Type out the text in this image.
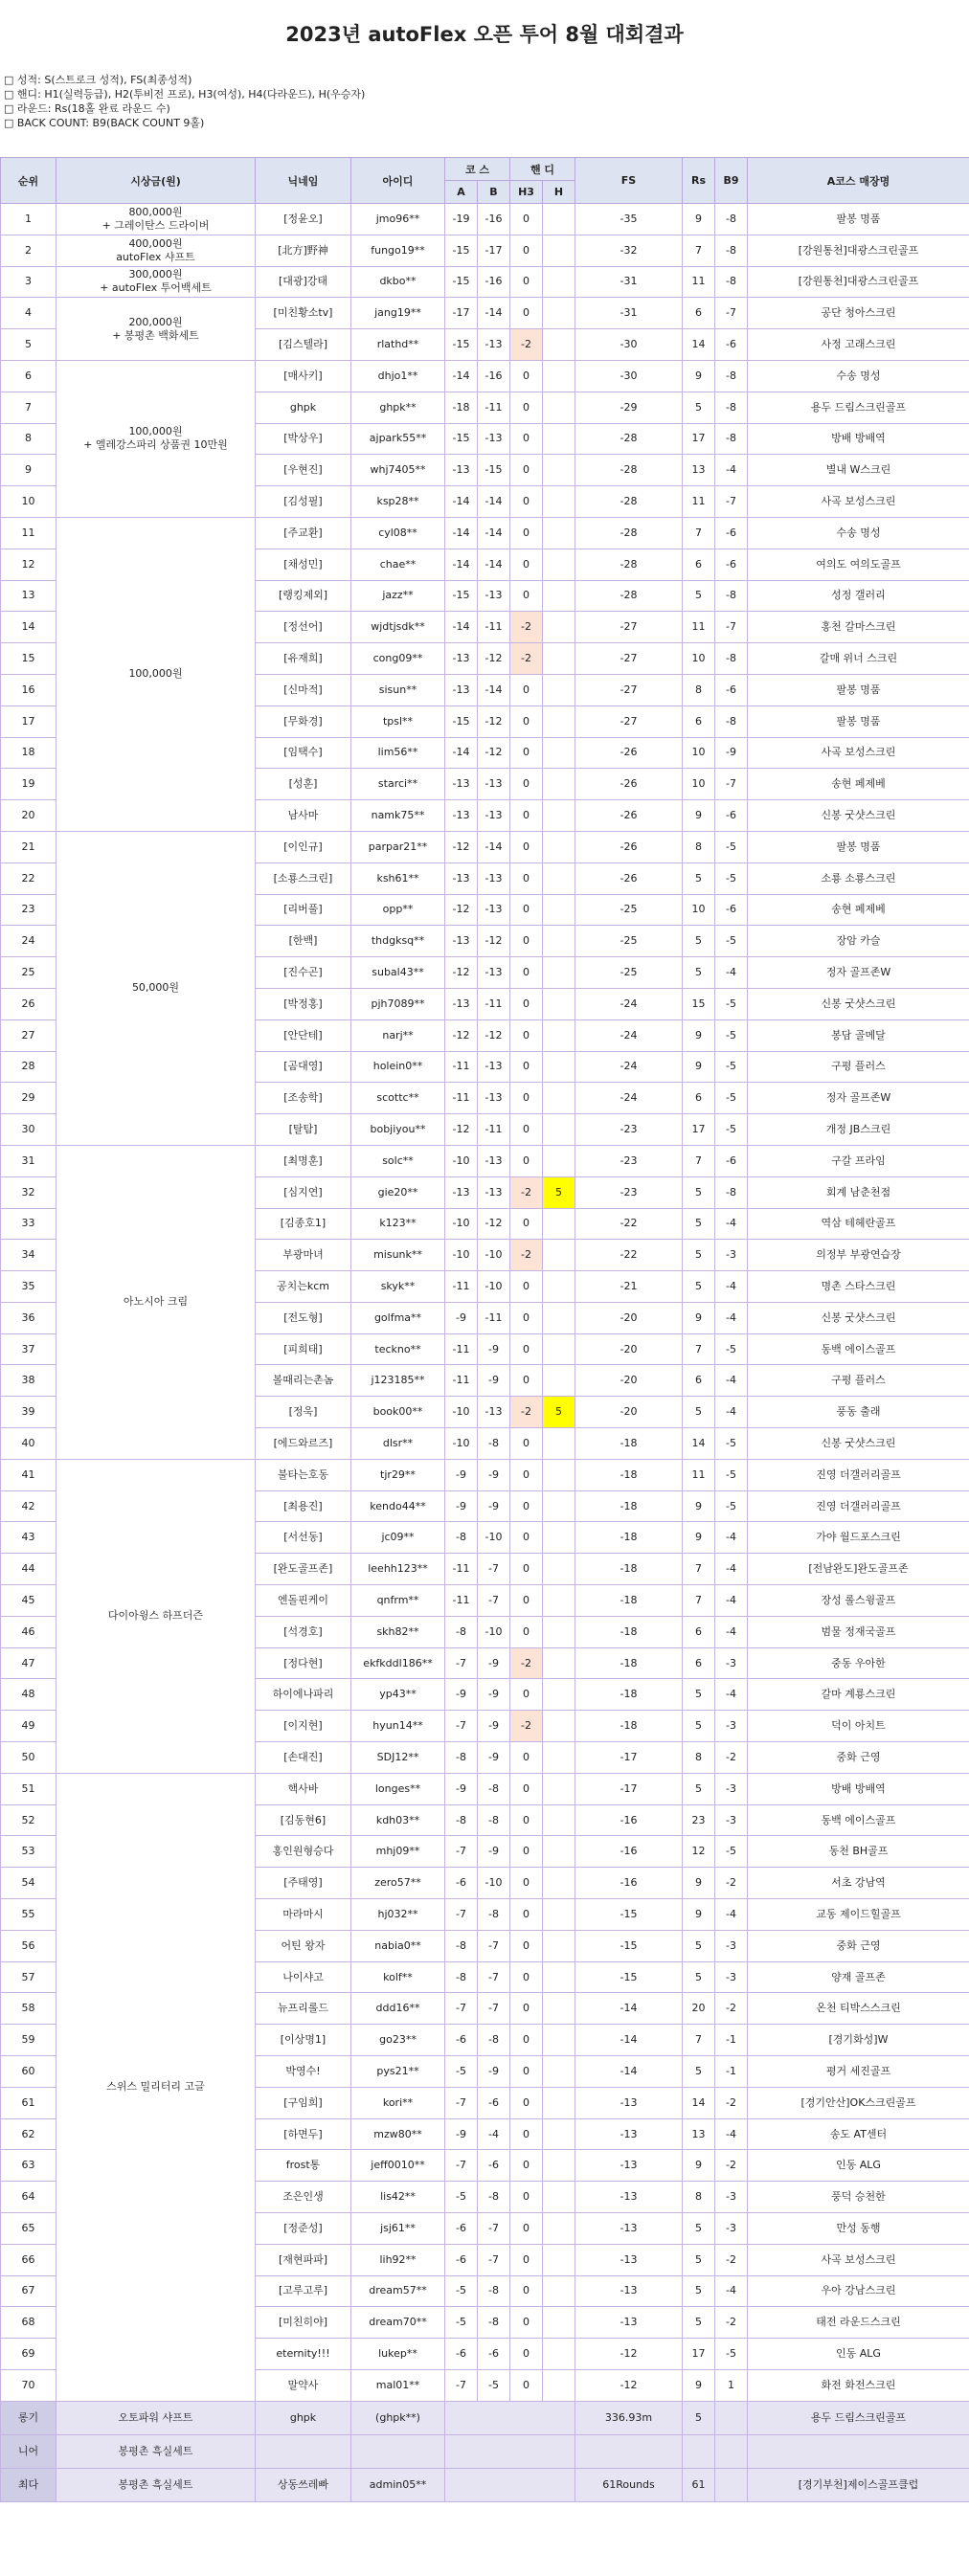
2023년 autoFlex 오픈 투어 8월 대회결과
□ 성적: S(스트로크 성적), FS(최종성적)
□ 핸디: H1(실력등급), H2(투비전 프로), H3(여성), H4(다라운드), H(우승자)
□ 라운드: Rs(18홀 완료 라운드 수)
□ BACK COUNT: B9(BACK COUNT 9홀)
순위	시상금(원)	닉네임	아이디	코 스		핸 디		FS	Rs	B9	A코스 매장명
				A	B	H3	H				
1	800,000원
+ 그레이탄스 드라이버	[정윤오]	jmo96**	-19	-16	0		-35	9	-8	팔봉 명품
2	400,000원
autoFlex 샤프트	[北方]野神	fungo19**	-15	-17	0		-32	7	-8	[강원통천]대광스크린골프
3	300,000원
+ autoFlex 투어백세트	[대광]강태	dkbo**	-15	-16	0		-31	11	-8	[강원통천]대광스크린골프
4	200,000원
+ 봉평촌 백화세트	[미친황소tv]	jang19**	-17	-14	0		-31	6	-7	공단 청아스크린
5		[김스텔라]	rlathd**	-15	-13	-2		-30	14	-6	사정 고래스크린
6	100,000원
+ 엘레강스파리 상품권 10만원	[매사키]	dhjo1**	-14	-16	0		-30	9	-8	수송 명성
7		ghpk	ghpk**	-18	-11	0		-29	5	-8	용두 드림스크린골프
8		[박상우]	ajpark55**	-15	-13	0		-28	17	-8	방배 방배역
9		[우현진]	whj7405**	-13	-15	0		-28	13	-4	별내 W스크린
10		[김성필]	ksp28**	-14	-14	0		-28	11	-7	사곡 보성스크린
11	100,000원	[주교환]	cyl08**	-14	-14	0		-28	7	-6	수송 명성
12		[채성민]	chae**	-14	-14	0		-28	6	-6	여의도 여의도골프
13		[랭킹제외]	jazz**	-15	-13	0		-28	5	-8	성정 갤러리
14		[정선어]	wjdtjsdk**	-14	-11	-2		-27	11	-7	홍천 갈마스크린
15		[유재희]	cong09**	-13	-12	-2		-27	10	-8	갈매 위너 스크린
16		[신마적]	sisun**	-13	-14	0		-27	8	-6	팔봉 명품
17		[무화경]	tpsl**	-15	-12	0		-27	6	-8	팔봉 명품
18		[임택수]	lim56**	-14	-12	0		-26	10	-9	사곡 보성스크린
19		[성훈]	starci**	-13	-13	0		-26	10	-7	송현 페제베
20		남사마	namk75**	-13	-13	0		-26	9	-6	신봉 굿샷스크린
21	50,000원	[이인규]	parpar21**	-12	-14	0		-26	8	-5	팔봉 명품
22		[소룡스크린]	ksh61**	-13	-13	0		-26	5	-5	소룡 소룡스크린
23		[리버풀]	opp**	-12	-13	0		-25	10	-6	송현 페제베
24		[한백]	thdgksq**	-13	-12	0		-25	5	-5	장암 카슬
25		[진수곤]	subal43**	-12	-13	0		-25	5	-4	정자 골프존W
26		[박정홍]	pjh7089**	-13	-11	0		-24	15	-5	신봉 굿샷스크린
27		[안단테]	narj**	-12	-12	0		-24	9	-5	봉담 골메달
28		[곰대영]	holein0**	-11	-13	0		-24	9	-5	구평 플러스
29		[조송학]	scottc**	-11	-13	0		-24	6	-5	정자 골프존W
30		[탈탐]	bobjiyou**	-12	-11	0		-23	17	-5	개정 JB스크린
31	아노시아 크림	[최명훈]	solc**	-10	-13	0		-23	7	-6	구갈 프라임
32		[심지연]	gie20**	-13	-13	-2	5	-23	5	-8	회계 남춘천점
33		[김종호1]	k123**	-10	-12	0		-22	5	-4	역삼 테헤란골프
34		부광마녀	misunk**	-10	-10	-2		-22	5	-3	의정부 부광연습장
35		공치는kcm	skyk**	-11	-10	0		-21	5	-4	명촌 스타스크린
36		[전도형]	golfma**	-9	-11	0		-20	9	-4	신봉 굿샷스크린
37		[피희태]	teckno**	-11	-9	0		-20	7	-5	동백 에이스골프
38		볼때리는촌놈	j123185**	-11	-9	0		-20	6	-4	구평 플러스
39		[정욱]	book00**	-10	-13	-2	5	-20	5	-4	풍동 출래
40		[에드와르즈]	dlsr**	-10	-8	0		-18	14	-5	신봉 굿샷스크린
41	다이아윙스 하프더즌	불타는호동	tjr29**	-9	-9	0		-18	11	-5	진영 더갤러리골프
42		[최용진]	kendo44**	-9	-9	0		-18	9	-5	진영 더갤러리골프
43		[서선동]	jc09**	-8	-10	0		-18	9	-4	가야 월드포스크린
44		[완도골프존]	leehh123**	-11	-7	0		-18	7	-4	[전남완도]완도골프존
45		엔돌핀케이	qnfrm**	-11	-7	0		-18	7	-4	장성 롤스윙골프
46		[석경호]	skh82**	-8	-10	0		-18	6	-4	범물 정재국골프
47		[정다현]	ekfkddl186**	-7	-9	-2		-18	6	-3	중동 우아한
48		하이에나파리	yp43**	-9	-9	0		-18	5	-4	갈마 계룡스크린
49		[이지현]	hyun14**	-7	-9	-2		-18	5	-3	덕이 아치트
50		[손대진]	SDJ12**	-8	-9	0		-17	8	-2	중화 근영
51	스위스 밀리터리 고글	핵사바	longes**	-9	-8	0		-17	5	-3	방배 방배역
52		[김동현6]	kdh03**	-8	-8	0		-16	23	-3	동백 에이스골프
53		홍인원형승다	mhj09**	-7	-9	0		-16	12	-5	동천 BH골프
54		[주태영]	zero57**	-6	-10	0		-16	9	-2	서초 강남역
55		마라마시	hj032**	-7	-8	0		-15	9	-4	교동 제이드힐골프
56		어틴 왕자	nabia0**	-8	-7	0		-15	5	-3	중화 근영
57		나이샤고	kolf**	-8	-7	0		-15	5	-3	양재 골프존
58		뉴프리롤드	ddd16**	-7	-7	0		-14	20	-2	온천 티박스스크린
59		[이상명1]	go23**	-6	-8	0		-14	7	-1	[경기화성]W
60		박영수!	pys21**	-5	-9	0		-14	5	-1	평거 세진골프
61		[구임희]	kori**	-7	-6	0		-13	14	-2	[경기안산]OK스크린골프
62		[하면두]	mzw80**	-9	-4	0		-13	13	-4	송도 AT센터
63		frost통	jeff0010**	-7	-6	0		-13	9	-2	인동 ALG
64		조은인생	lis42**	-5	-8	0		-13	8	-3	풍덕 승천한
65		[정준성]	jsj61**	-6	-7	0		-13	5	-3	만성 동행
66		[재현파파]	lih92**	-6	-7	0		-13	5	-2	사곡 보성스크린
67		[고루고루]	dream57**	-5	-8	0		-13	5	-4	우아 강남스크린
68		[미친히야]	dream70**	-5	-8	0		-13	5	-2	태전 라운드스크린
69		eternity!!!	lukep**	-6	-6	0		-12	17	-5	인동 ALG
70		말약사	mal01**	-7	-5	0		-12	9	1	화전 화전스크린
롱기	오토파워 샤프트	ghpk	(ghpk**)					336.93m	5		용두 드림스크린골프
니어	봉평촌 흑실세트										
최다	봉평촌 흑실세트	상동쓰레빠	admin05**					61Rounds	61		[경기부천]제이스골프클럽
